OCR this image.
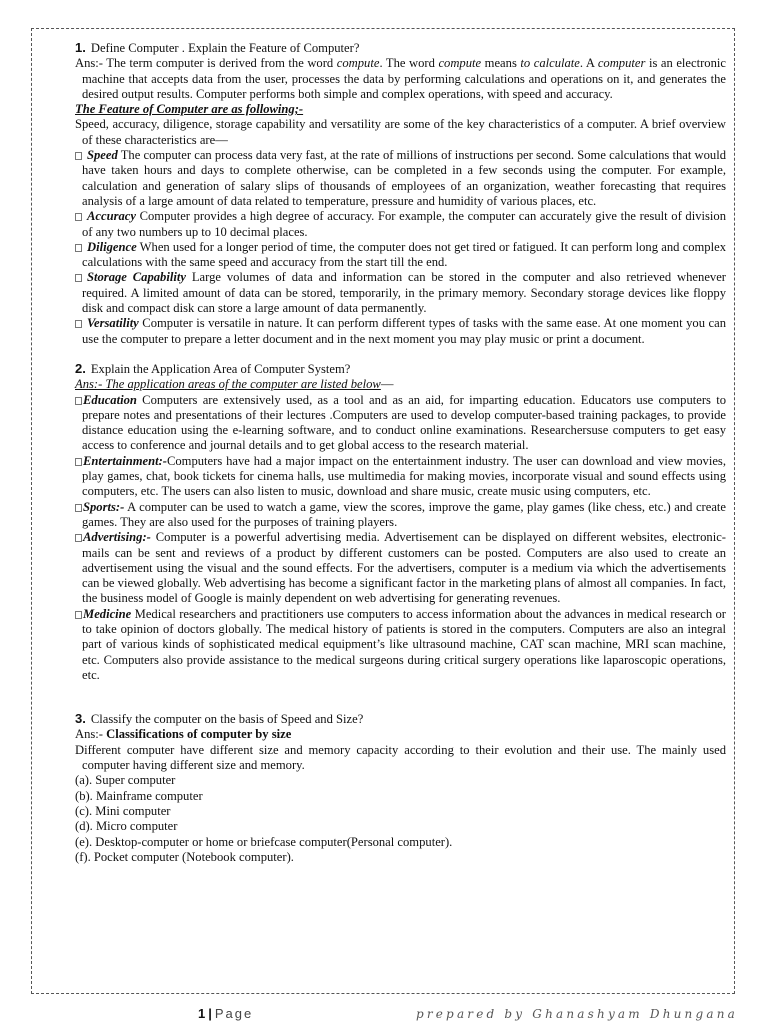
1. Define Computer . Explain the Feature of Computer?

Ans:- The term computer is derived from the word compute. The word compute means to calculate. A computer is an electronic machine that accepts data from the user, processes the data by performing calculations and operations on it, and generates the desired output results. Computer performs both simple and complex operations, with speed and accuracy.

The Feature of Computer are as following;-

Speed, accuracy, diligence, storage capability and versatility are some of the key characteristics of a computer. A brief overview of these characteristics are—

Speed The computer can process data very fast, at the rate of millions of instructions per second. Some calculations that would have taken hours and days to complete otherwise, can be completed in a few seconds using the computer. For example, calculation and generation of salary slips of thousands of employees of an organization, weather forecasting that requires analysis of a large amount of data related to temperature, pressure and humidity of various places, etc.

Accuracy Computer provides a high degree of accuracy. For example, the computer can accurately give the result of division of any two numbers up to 10 decimal places.

Diligence When used for a longer period of time, the computer does not get tired or fatigued. It can perform long and complex calculations with the same speed and accuracy from the start till the end.

Storage Capability Large volumes of data and information can be stored in the computer and also retrieved whenever required. A limited amount of data can be stored, temporarily, in the primary memory. Secondary storage devices like floppy disk and compact disk can store a large amount of data permanently.

Versatility Computer is versatile in nature. It can perform different types of tasks with the same ease. At one moment you can use the computer to prepare a letter document and in the next moment you may play music or print a document.

2. Explain the Application Area of Computer System?

Ans:- The application areas of the computer are listed below—

Education Computers are extensively used, as a tool and as an aid, for imparting education. Educators use computers to prepare notes and presentations of their lectures .Computers are used to develop computer-based training packages, to provide distance education using the e-learning software, and to conduct online examinations. Researchersuse computers to get easy access to conference and journal details and to get global access to the research material.

Entertainment:-Computers have had a major impact on the entertainment industry. The user can download and view movies, play games, chat, book tickets for cinema halls, use multimedia for making movies, incorporate visual and sound effects using computers, etc. The users can also listen to music, download and share music, create music using computers, etc.

Sports:- A computer can be used to watch a game, view the scores, improve the game, play games (like chess, etc.) and create games. They are also used for the purposes of training players.

Advertising:- Computer is a powerful advertising media. Advertisement can be displayed on different websites, electronic-mails can be sent and reviews of a product by different customers can be posted. Computers are also used to create an advertisement using the visual and the sound effects. For the advertisers, computer is a medium via which the advertisements can be viewed globally. Web advertising has become a significant factor in the marketing plans of almost all companies. In fact, the business model of Google is mainly dependent on web advertising for generating revenues.

Medicine Medical researchers and practitioners use computers to access information about the advances in medical research or to take opinion of doctors globally. The medical history of patients is stored in the computers. Computers are also an integral part of various kinds of sophisticated medical equipment’s like ultrasound machine, CAT scan machine, MRI scan machine, etc. Computers also provide assistance to the medical surgeons during critical surgery operations like laparoscopic operations, etc.

3. Classify the computer on the basis of Speed and Size?

Ans:- Classifications of computer by size

Different computer have different size and memory capacity according to their evolution and their use. The mainly used computer having different size and memory.

(a). Super computer

(b). Mainframe computer

(c). Mini computer

(d). Micro computer

(e). Desktop-computer or home or briefcase computer(Personal computer).

(f). Pocket computer (Notebook computer).

1 | Page	prepared by Ghanashyam Dhungana
